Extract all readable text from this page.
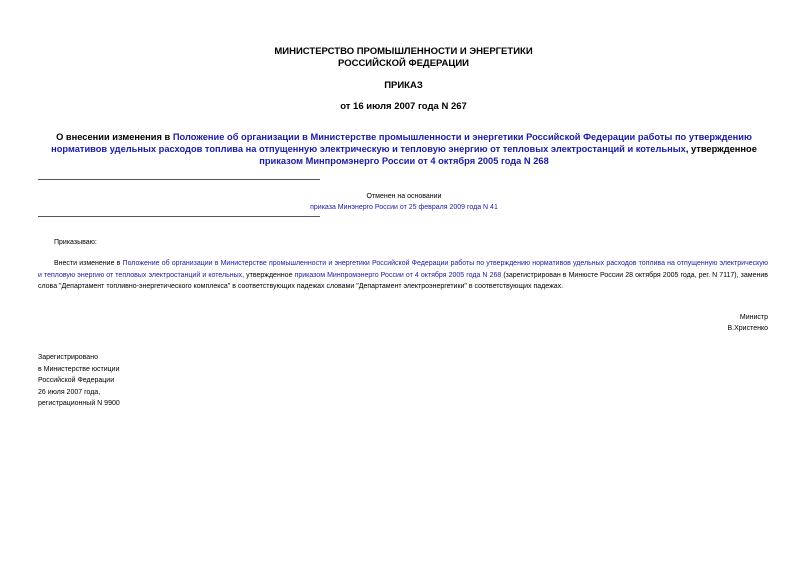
МИНИСТЕРСТВО ПРОМЫШЛЕННОСТИ И ЭНЕРГЕТИКИ
РОССИЙСКОЙ ФЕДЕРАЦИИ
ПРИКАЗ
от 16 июля 2007 года N 267
О внесении изменения в Положение об организации в Министерстве промышленности и энергетики Российской Федерации работы по утверждению нормативов удельных расходов топлива на отпущенную электрическую и тепловую энергию от тепловых электростанций и котельных, утвержденное приказом Минпромэнерго России от 4 октября 2005 года N 268
Отменен на основании
приказа Минэнерго России от 25 февраля 2009 года N 41
Приказываю:
Внести изменение в Положение об организации в Министерстве промышленности и энергетики Российской Федерации работы по утверждению нормативов удельных расходов топлива на отпущенную электрическую и тепловую энергию от тепловых электростанций и котельных, утвержденное приказом Минпромэнерго России от 4 октября 2005 года N 268 (зарегистрирован в Минюсте России 28 октября 2005 года, рег. N 7117), заменив слова "Департамент топливно-энергетического комплекса" в соответствующих падежах словами "Департамент электроэнергетики" в соответствующих падежах.
Министр
В.Христенко
Зарегистрировано
в Министерстве юстиции
Российской Федерации
26 июля 2007 года,
регистрационный N 9900
